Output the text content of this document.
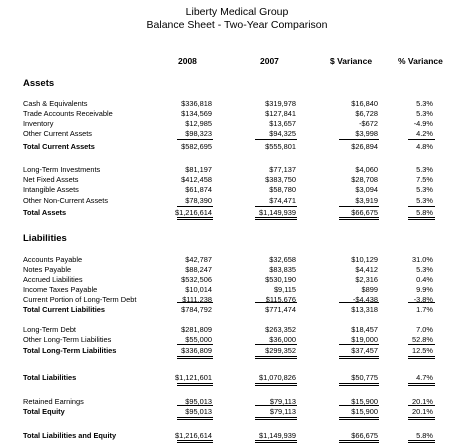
Liberty Medical Group
Balance Sheet - Two-Year Comparison
2008	2007	$ Variance	% Variance
Assets
Liabilities
Cash & Equivalents	$336,818	$319,978	$16,840	5.3%
Trade Accounts Receivable	$134,569	$127,841	$6,728	5.3%
Inventory	$12,985	$13,657	-$672	-4.9%
Other Current Assets	$98,323	$94,325	$3,998	4.2%
Total Current Assets	$582,695	$555,801	$26,894	4.8%
Long-Term Investments	$81,197	$77,137	$4,060	5.3%
Net Fixed Assets	$412,458	$383,750	$28,708	7.5%
Intangible Assets	$61,874	$58,780	$3,094	5.3%
Other Non-Current Assets	$78,390	$74,471	$3,919	5.3%
Total Assets	$1,216,614	$1,149,939	$66,675	5.8%
Accounts Payable	$42,787	$32,658	$10,129	31.0%
Notes Payable	$88,247	$83,835	$4,412	5.3%
Accrued Liabilities	$532,506	$530,190	$2,316	0.4%
Income Taxes Payable	$10,014	$9,115	$899	9.9%
Current Portion of Long-Term Debt	$111,238	$115,676	-$4,438	-3.8%
Total Current Liabilities	$784,792	$771,474	$13,318	1.7%
Long-Term Debt	$281,809	$263,352	$18,457	7.0%
Other Long-Term Liabilities	$55,000	$36,000	$19,000	52.8%
Total Long-Term Liabilities	$336,809	$299,352	$37,457	12.5%
Total Liabilities	$1,121,601	$1,070,826	$50,775	4.7%
Retained Earnings	$95,013	$79,113	$15,900	20.1%
Total Equity	$95,013	$79,113	$15,900	20.1%
Total Liabilities and Equity	$1,216,614	$1,149,939	$66,675	5.8%
